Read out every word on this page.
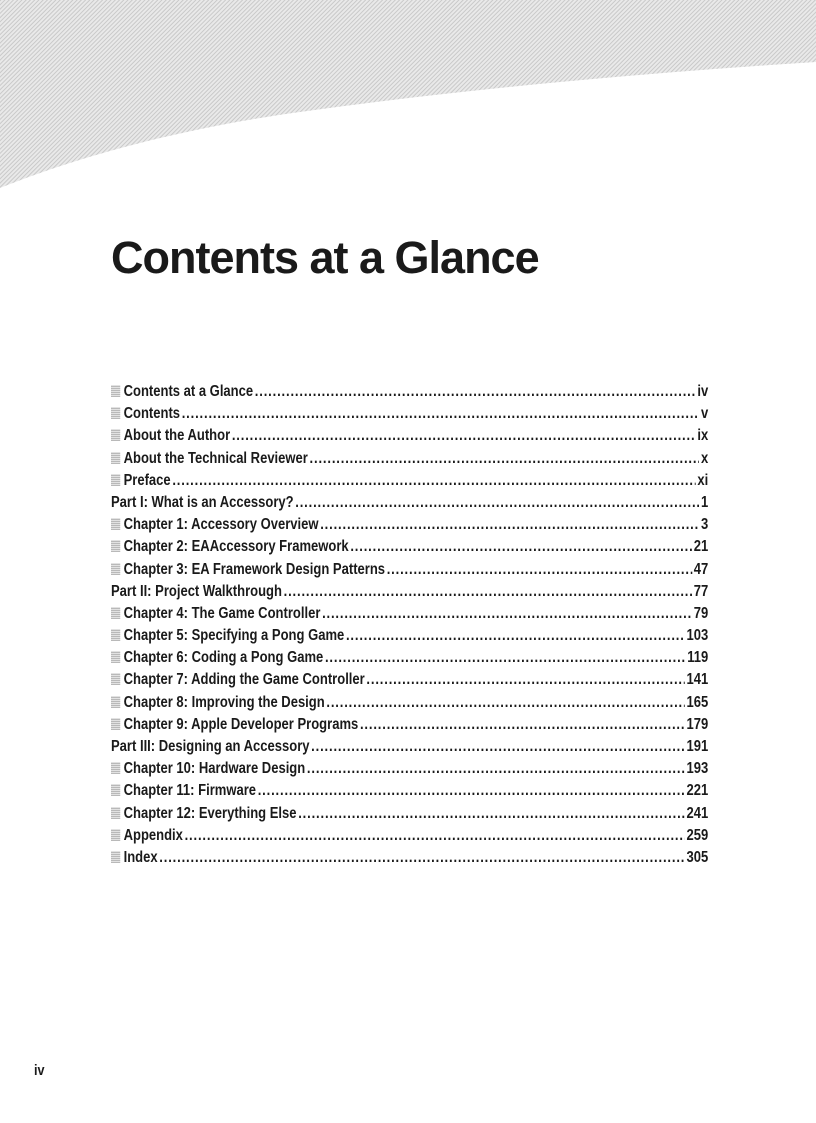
Contents at a Glance
Contents at a Glance .....	iv
Contents .....	v
About the Author .....	ix
About the Technical Reviewer .....	x
Preface .....	xi
Part I: What is an Accessory? .....	1
Chapter 1: Accessory Overview .....	3
Chapter 2: EAAccessory Framework .....	21
Chapter 3: EA Framework Design Patterns .....	47
Part II: Project Walkthrough .....	77
Chapter 4: The Game Controller .....	79
Chapter 5: Specifying a Pong Game .....	103
Chapter 6: Coding a Pong Game .....	119
Chapter 7: Adding the Game Controller .....	141
Chapter 8: Improving the Design .....	165
Chapter 9: Apple Developer Programs .....	179
Part III: Designing an Accessory .....	191
Chapter 10: Hardware Design .....	193
Chapter 11: Firmware .....	221
Chapter 12: Everything Else .....	241
Appendix .....	259
Index .....	305
iv
